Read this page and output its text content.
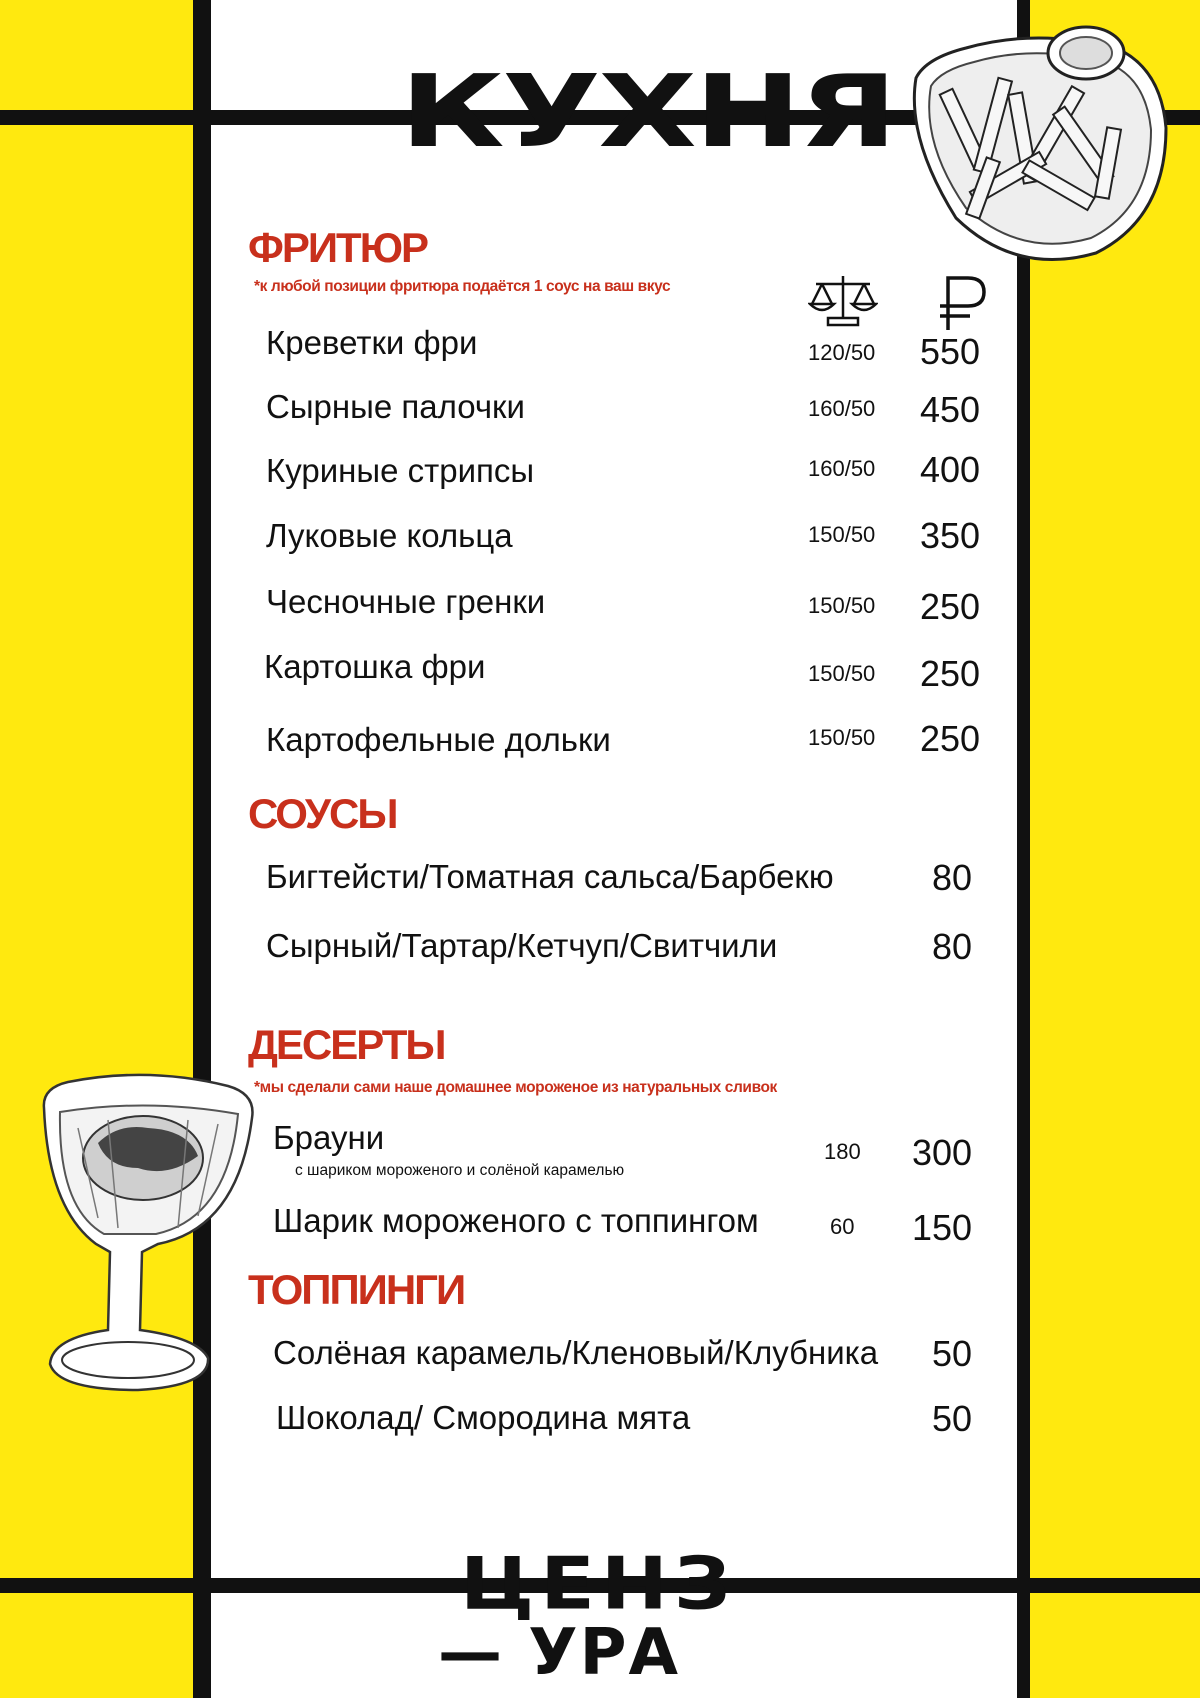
КУХНЯ
ФРИТЮР
*к любой позиции фритюра подаётся 1 соус на ваш вкус
Креветки фри	120/50 550
Сырные палочки	160/50 450
Куриные стрипсы	160/50 400
Луковые кольца	150/50 350
Чесночные гренки	150/50 250
Картошка фри	150/50 250
Картофельные дольки	150/50 250
СОУСЫ
Бигтейсти/Томатная сальса/Барбекю	80
Сырный/Тартар/Кетчуп/Свитчили	80
ДЕСЕРТЫ
*мы сделали сами наше домашнее мороженое из натуральных сливок
Брауни
с шариком мороженого и солёной карамелью
180 300
Шарик мороженого с топпингом	60 150
ТОППИНГИ
Солёная карамель/Кленовый/Клубника 50
Шоколад/ Смородина мята	50
ЦЕНЗ
— УРА
